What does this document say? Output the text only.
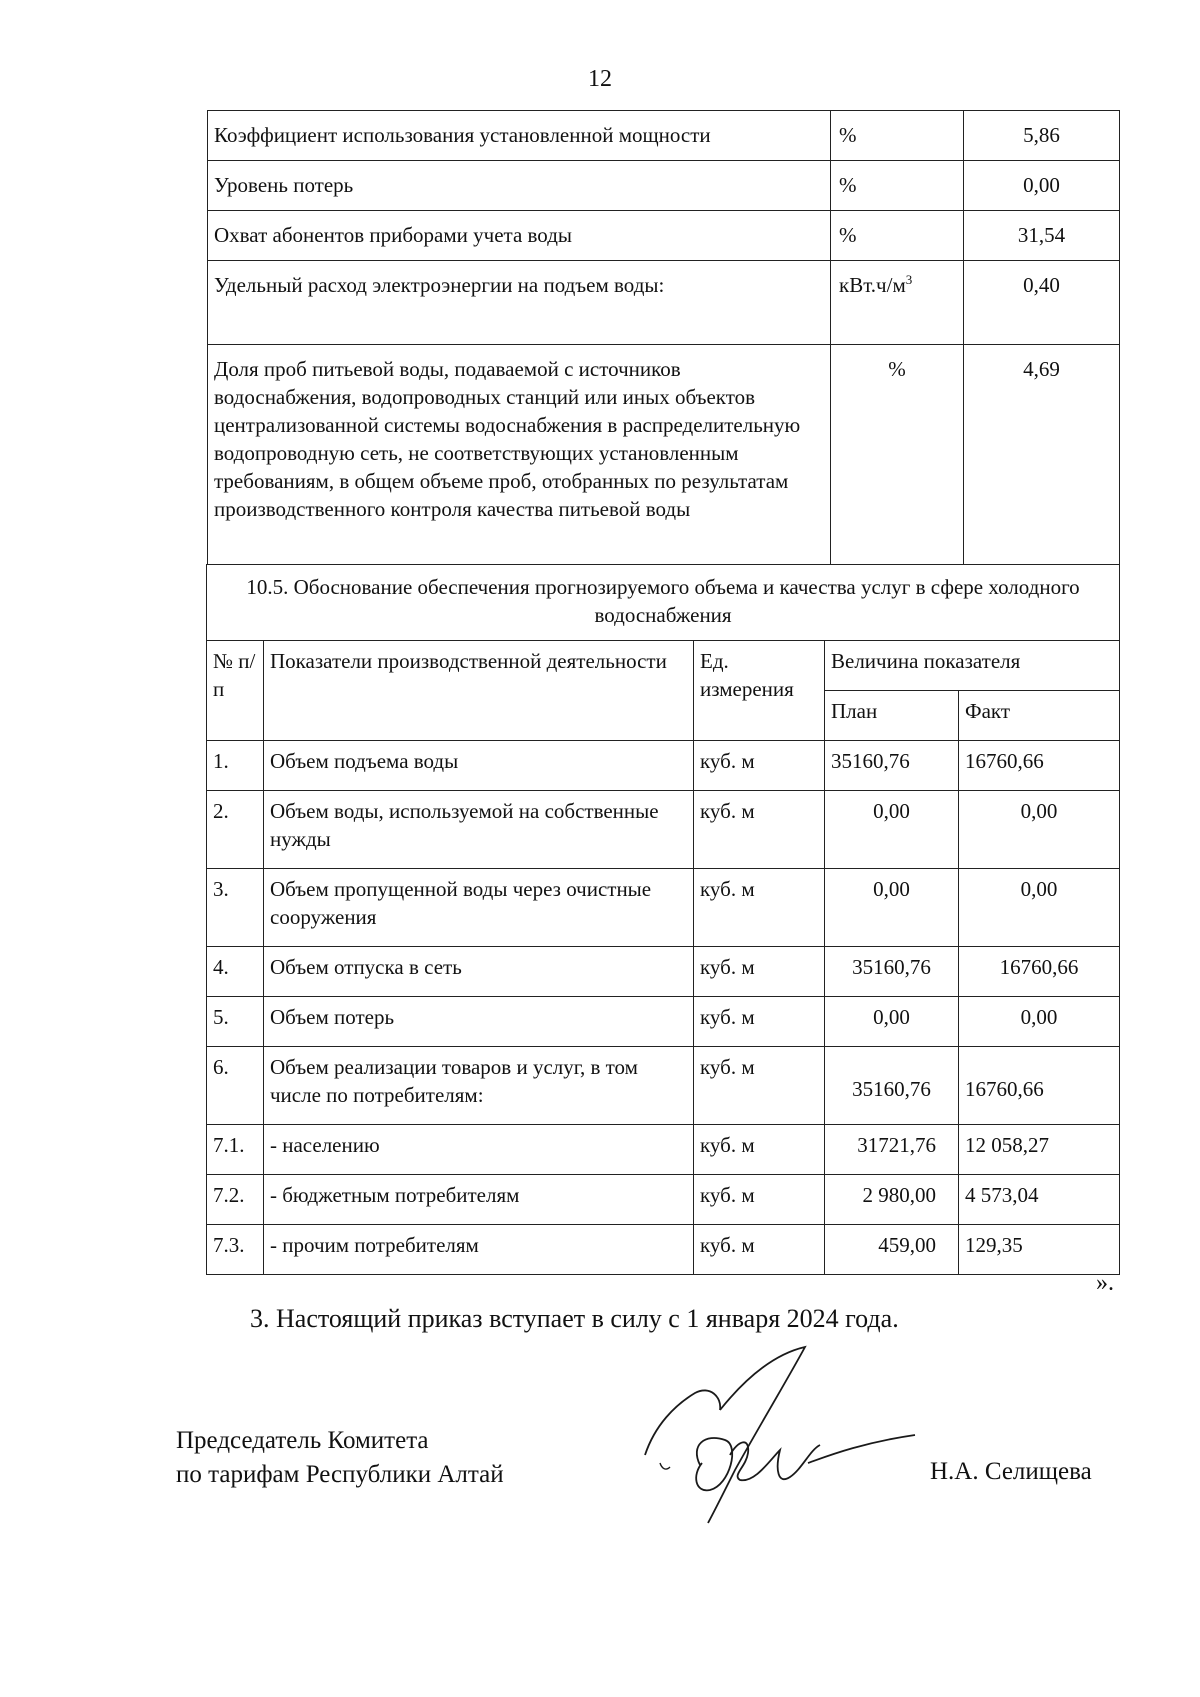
12
Коэффициент использования установленной мощности	%	5,86
Уровень потерь	%	0,00
Охват абонентов приборами учета воды	%	31,54
Удельный расход электроэнергии на подъем воды:	$кВт.ч/м^3$	0,40
Доля проб питьевой воды, подаваемой с источников водоснабжения, водопроводных станций или иных объектов централизованной системы водоснабжения в распределительную водопроводную сеть, не соответствующих установленным требованиям, в общем объеме проб, отобранных по результатам производственного контроля качества питьевой воды	%	4,69
10.5. Обоснование обеспечения прогнозируемого объема и качества услуг в сфере холодного водоснабжения				
№ п/п	Показатели производственной деятельности	Ед. измерения	Величина показателя	
			План	Факт
1.	Объем подъема воды	куб. м	35160,76	16760,66
2.	Объем воды, используемой на собственные нужды	куб. м	0,00	0,00
3.	Объем пропущенной воды через очистные сооружения	куб. м	0,00	0,00
4.	Объем отпуска в сеть	куб. м	35160,76	16760,66
5.	Объем потерь	куб. м	0,00	0,00
6.	Объем реализации товаров и услуг, в том числе по потребителям:	куб. м	35160,76	16760,66
7.1.	- населению	куб. м	31721,76	12 058,27
7.2.	- бюджетным потребителям	куб. м	2 980,00	4 573,04
7.3.	- прочим потребителям	куб. м	459,00	129,35
».
3. Настоящий приказ вступает в силу с 1 января 2024 года.
Председатель Комитета
по тарифам Республики Алтай	Н.А. Селищева
